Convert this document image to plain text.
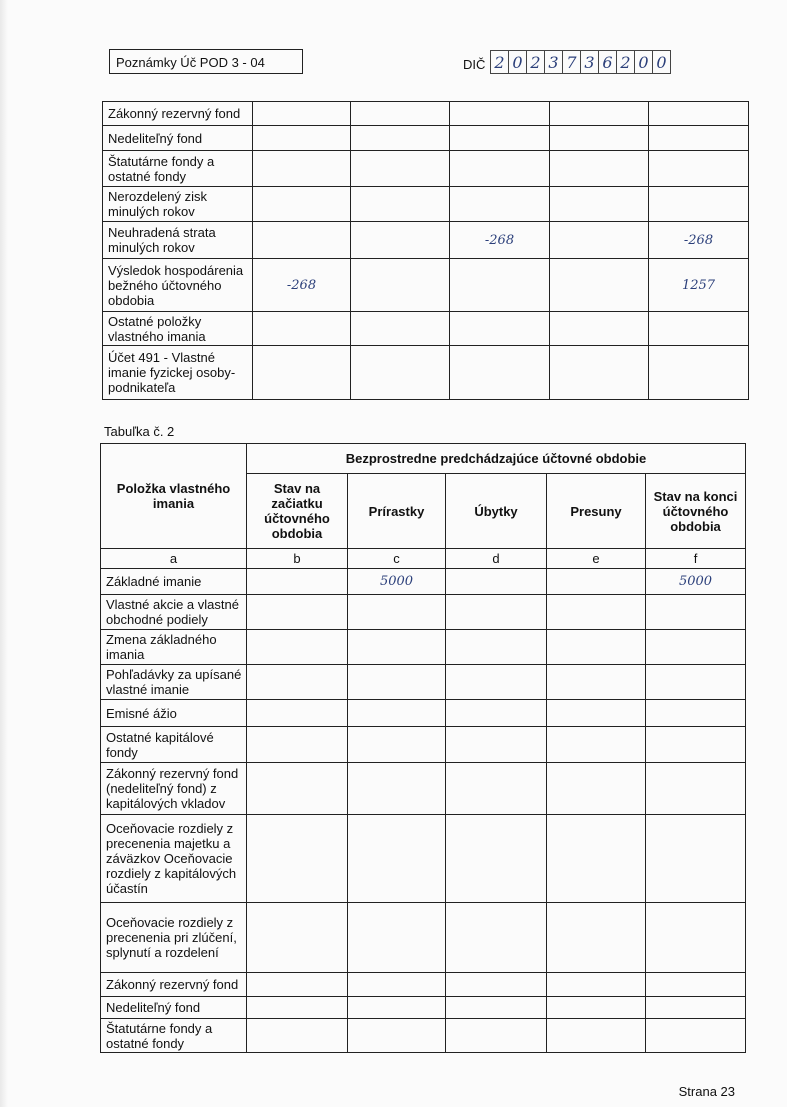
Poznámky Úč POD 3 - 04	DIČ 2 0 2 3 7 3 6 2 0 0
Zákonný rezervný fond					
Nedeliteľný fond					
Štatutárne fondy a ostatné fondy					
Nerozdelený zisk minulých rokov					
Neuhradená strata minulých rokov			-268		-268
Výsledok hospodárenia bežného účtovného obdobia	-268				1257
Ostatné položky vlastného imania					
Účet 491 - Vlastné imanie fyzickej osoby-podnikateľa					
Tabuľka č. 2
Položka vlastného imania	Bezprostredne predchádzajúce účtovné obdobie				
	Stav na začiatku účtovného obdobia	Prírastky	Úbytky	Presuny	Stav na konci účtovného obdobia
a	b	c	d	e	f
Základné imanie		5000			5000
Vlastné akcie a vlastné obchodné podiely					
Zmena základného imania					
Pohľadávky za upísané vlastné imanie					
Emisné ážio					
Ostatné kapitálové fondy					
Zákonný rezervný fond (nedeliteľný fond) z kapitálových vkladov					
Oceňovacie rozdiely z precenenia majetku a záväzkov Oceňovacie rozdiely z kapitálových účastín					
Oceňovacie rozdiely z precenenia pri zlúčení, splynutí a rozdelení					
Zákonný rezervný fond					
Nedeliteľný fond					
Štatutárne fondy a ostatné fondy					
Strana 23
